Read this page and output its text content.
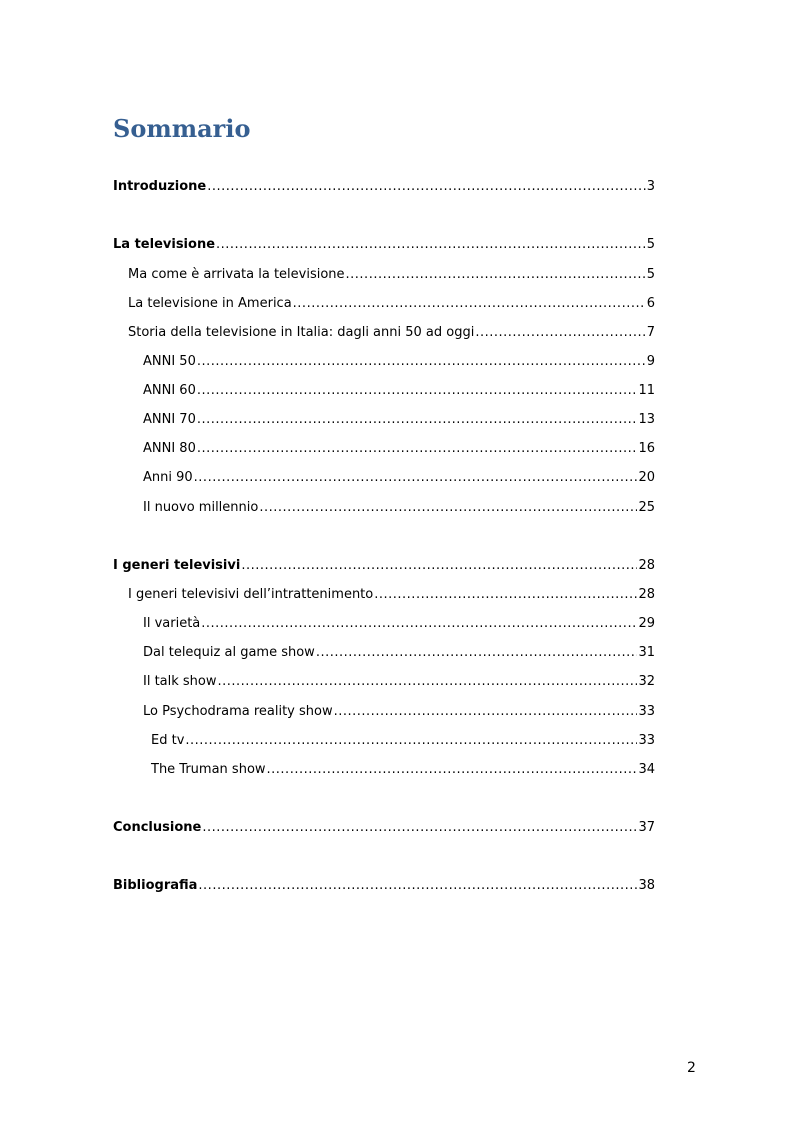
Sommario
Introduzione .....	3
La televisione .....	5
Ma come è arrivata la televisione .....	5
La televisione in America .....	6
Storia della televisione in Italia: dagli anni 50 ad oggi .....	7
ANNI 50 .....	9
ANNI 60 .....	11
ANNI 70 .....	13
ANNI 80 .....	16
Anni 90 .....	20
Il nuovo millennio .....	25
I generi televisivi .....	28
I generi televisivi dell’intrattenimento .....	28
Il varietà .....	29
Dal telequiz al game show .....	31
Il talk show .....	32
Lo Psychodrama reality show .....	33
Ed tv .....	33
The Truman show .....	34
Conclusione .....	37
Bibliografia .....	38
2
